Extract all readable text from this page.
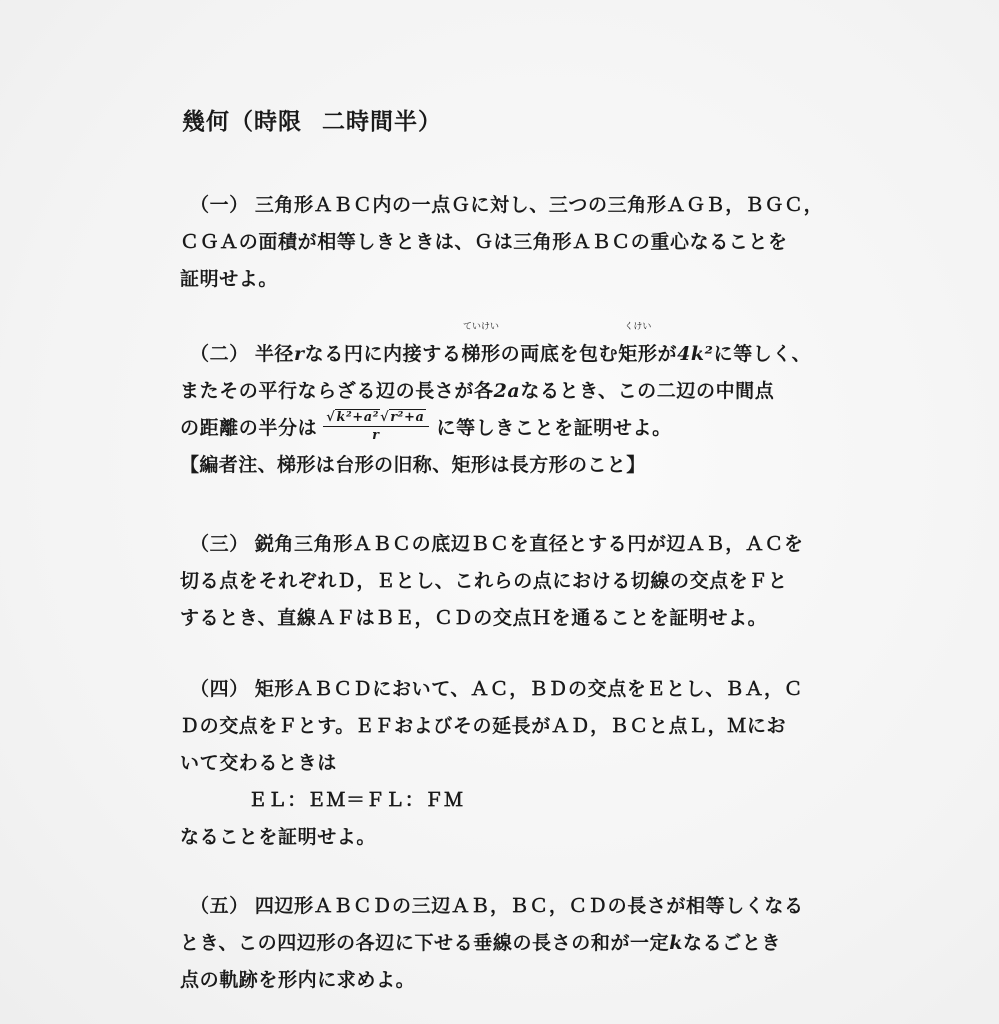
幾何（時限 二時間半）
（一） 三角形ＡＢＣ内の一点Ｇに対し、三つの三角形ＡＧＢ，ＢＧＣ，
ＣＧＡの面積が相等しきときは、Ｇは三角形ＡＢＣの重心なることを
証明せよ。
（二） 半径rなる円に内接する
ていけい
梯形の両底を包む
くけい
矩形が4k²に等しく、
またその平行ならざる辺の長さが各2aなるとき、この二辺の中間点
の距離の半分は $\frac{\text{√k²+a²√r²+a}}{r}$ に等しきことを証明せよ。
【編者注、梯形は台形の旧称、矩形は長方形のこと】
（三） 鋭角三角形ＡＢＣの底辺ＢＣを直径とする円が辺ＡＢ，ＡＣを
切る点をそれぞれＤ，Ｅとし、これらの点における切線の交点をＦと
するとき、直線ＡＦはＢＥ，ＣＤの交点Ｈを通ることを証明せよ。
（四） 矩形ＡＢＣＤにおいて、ＡＣ，ＢＤの交点をＥとし、ＢＡ，Ｃ
Ｄの交点をＦとす。ＥＦおよびその延長がＡＤ，ＢＣと点Ｌ，Ｍにお
いて交わるときは
ＥＬ：ＥＭ＝ＦＬ：ＦＭ
なることを証明せよ。
（五） 四辺形ＡＢＣＤの三辺ＡＢ，ＢＣ，ＣＤの長さが相等しくなる
とき、この四辺形の各辺に下せる垂線の長さの和が一定kなるごとき
点の軌跡を形内に求めよ。
